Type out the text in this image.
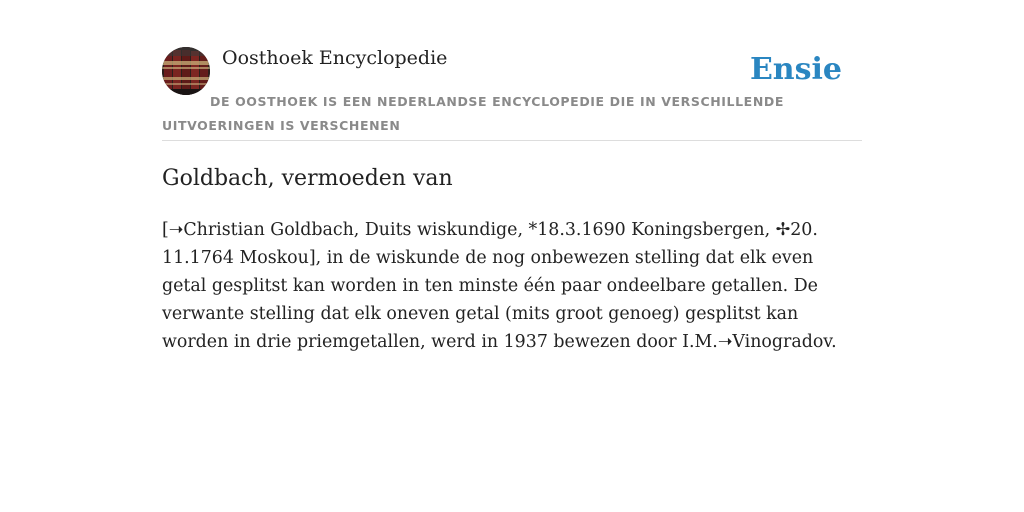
Oosthoek Encyclopedie	Ensie
DE OOSTHOEK IS EEN NEDERLANDSE ENCYCLOPEDIE DIE IN VERSCHILLENDE UITVOERINGEN IS VERSCHENEN
Goldbach, vermoeden van

[➝Christian Goldbach, Duits wiskundige, *18.3.1690 Koningsbergen, ✢20. 11.1764 Moskou], in de wiskunde de nog onbewezen stelling dat elk even getal gesplitst kan worden in ten minste één paar ondeelbare getallen. De verwante stelling dat elk oneven getal (mits groot genoeg) gesplitst kan worden in drie priemgetallen, werd in 1937 bewezen door I.M.➝Vinogradov.
